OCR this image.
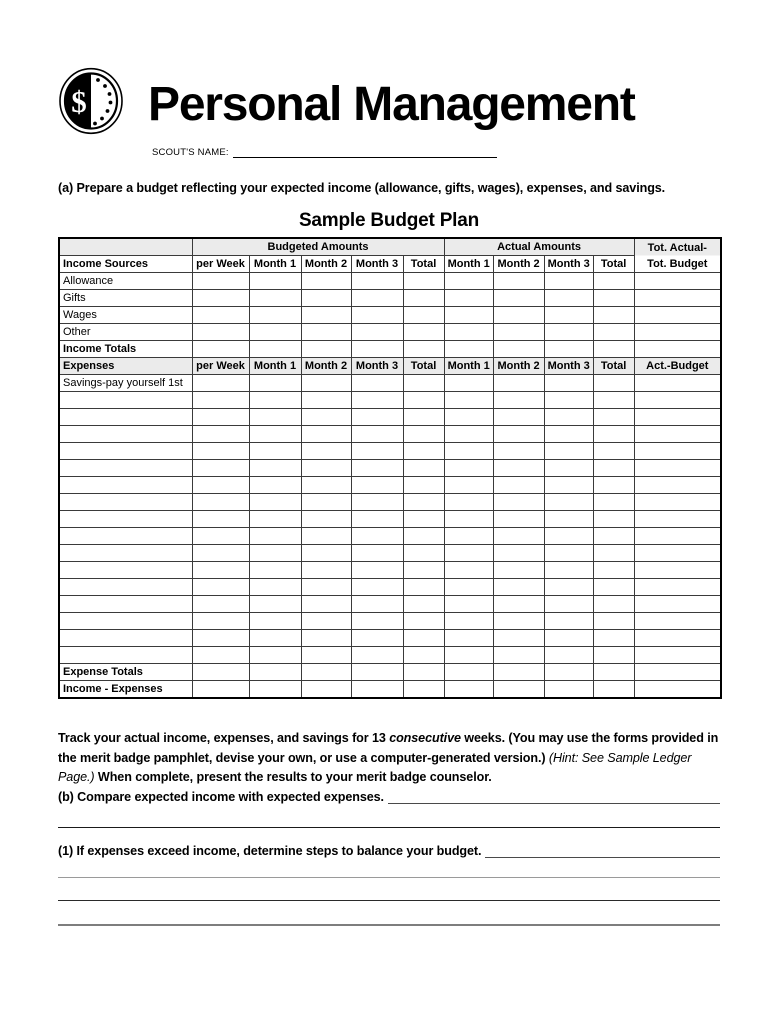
$ Personal Management
SCOUT'S NAME:

(a) Prepare a budget reflecting your expected income (allowance, gifts, wages), expenses, and savings.

Sample Budget Plan
	Budgeted Amounts					Actual Amounts				Tot. Actual-
Tot. Budget

Income Sources	per Week	Month 1	Month 2	Month 3	Total	Month 1	Month 2	Month 3	Total	
Allowance										
Gifts										
Wages										
Other										
Income Totals										
Expenses	per Week	Month 1	Month 2	Month 3	Total	Month 1	Month 2	Month 3	Total	Act.-Budget
Savings-pay yourself 1st										

Expense Totals										
Income - Expenses										

Track your actual income, expenses, and savings for 13 consecutive weeks. (You may use the forms provided in the merit badge pamphlet, devise your own, or use a computer-generated version.) (Hint: See Sample Ledger Page.) When complete, present the results to your merit badge counselor.

(b) Compare expected income with expected expenses.
(1) If expenses exceed income, determine steps to balance your budget.
